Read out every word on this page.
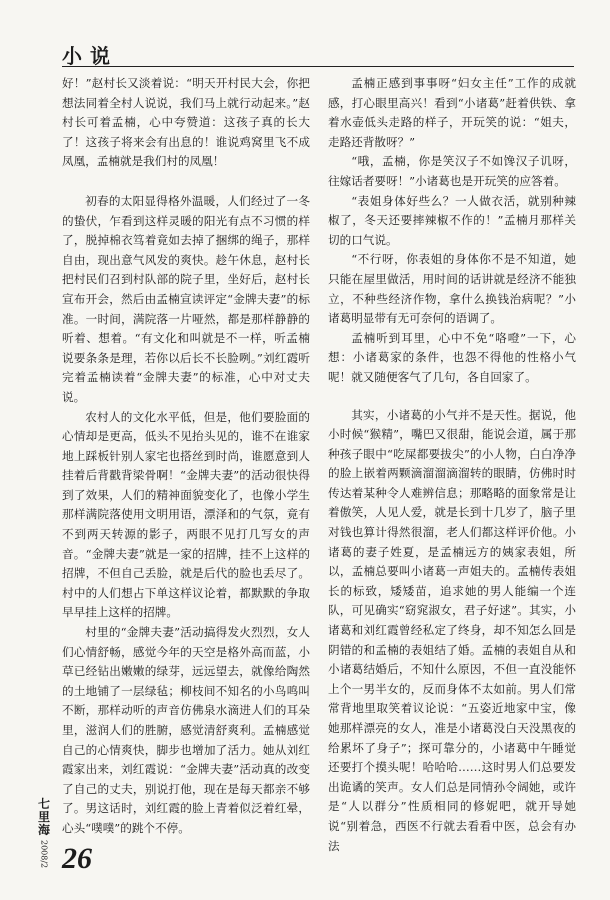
小说

好！”赵村长又淡着说：“明天开村民大会，你把想法同着全村人说说，我们马上就行动起来。”赵村长可着孟楠，心中夸赞道：这孩子真的长大了！这孩子将来会有出息的！谁说鸡窝里飞不成凤凰，孟楠就是我们村的凤凰！

初春的太阳显得格外温暖，人们经过了一冬的蛰伏，乍看到这样灵暖的阳光有点不习惯的样了，脱掉棉衣笃着竟如去掉了捆绑的绳子，那样自由，现出意气风发的爽快。趁午休息，赵村长把村民们召到村队部的院子里，坐好后，赵村长宣布开会，然后由孟楠宣读评定“金牌夫妻”的标准。一时间，满院落一片哑然，都是那样静静的听着、想着。“有文化和叫就是不一样，听孟楠说要条条是理，若你以后长不长脸咧。”刘红霞听完着孟楠读着“金牌夫妻”的标准，心中对丈夫说。

农村人的文化水平低，但是，他们要脸面的心情却是更高，低头不见抬头见的，谁不在谁家地上踩板针别人家宅也搭丝到时尚，谁愿意到人挂着后背戳背梁骨啊！“金牌夫妻”的活动很快得到了效果，人们的精神面貌变化了，也像小学生那样满院落使用文明用语，漂泽和的气氛，竟有不到两天转源的影子，两眼不见打几写女的声音。“金牌夫妻”就是一家的招牌，挂不上这样的招牌，不但自己丢脸，就是后代的脸也丢尽了。村中的人们想占下单这样议论着，都默默的争取早早挂上这样的招牌。

村里的“金牌夫妻”活动搞得发火烈烈，女人们心情舒畅，感觉今年的天空是格外高而蓝，小草已经钻出嫩嫩的绿芽，远远望去，就像给陶然的土地铺了一层绿毡；柳枝间不知名的小鸟鸣叫不断，那样动听的声音仿佛泉水滴进人们的耳朵里，滋润人们的胜腑，感觉清舒爽利。孟楠感觉自己的心情爽快，脚步也增加了活力。她从刘红霞家出来，刘红霞说：“金牌夫妻”活动真的改变了自己的丈夫，别说打他，现在是每天都亲不够了。男这话时，刘红霞的脸上青着似泛着红晕，心头“噗噗”的跳个不停。

孟楠正感到事事呀“妇女主任”工作的成就感，打心眼里高兴！看到“小诸葛”赶着供铁、拿着水壶低头走路的样子，开玩笑的说：“姐夫，走路还背散呀？”

“哦，孟楠，你是笑汉子不如馋汉子讥呀，往嫁话者要呀！”小诸葛也是开玩笑的应答着。

“表姐身体好些么？一人做衣活，就别种辣椒了，冬天还要摔辣椒不作的！”孟楠月那样关切的口气说。

“不行呀，你表姐的身体你不是不知道，她只能在屋里做活，用时间的话讲就是经济不能独立，不种些经济作物，拿什么换钱治病呢？”小诸葛明显带有无可奈何的语调了。

孟楠听到耳里，心中不免“咯噔”一下，心想：小诸葛家的条件，也怨不得他的性格小气呢！就又随便客气了几句，各自回家了。

其实，小诸葛的小气并不是天性。据说，他小时候“猴精”，嘴巴又很甜，能说会道，属于那种孩子眼中“吃屎都要拔尖”的小人物，白白净净的脸上嵌着两颗滴溜溜滴溜转的眼睛，仿佛时时传达着某种令人难辨信息；那略略的面象常是让着傲笑，人见人爱，就是长到十几岁了，脑子里对钱也算计得然很溜，老人们都这样评价他。小诸葛的妻子姓夏，是孟楠远方的姨家表姐，所以，孟楠总要叫小诸葛一声姐夫的。孟楠传表姐长的标致，矮矮苗，追求她的男人能编一个连队，可见确实“窈窕淑女，君子好逑”。其实，小诸葛和刘红霞曾经私定了终身，却不知怎么回是阴错的和孟楠的表姐结了婚。孟楠的表姐自从和小诸葛结婚后，不知什么原因，不但一直没能怀上个一男半女的，反而身体不太如前。男人们常常背地里取笑着议论说：“五姿近地家中宝，像她那样漂亮的女人，准是小诸葛没白天没黑夜的给累坏了身子”；探可靠分的，小诸葛中午睡觉还要打个摸头呢！哈哈哈……这时男人们总要发出诡谲的笑声。女人们总是同情孙令阔她，或许是“人以群分”性质相同的修妮吧，就开导她说“别着急，西医不行就去看看中医，总会有办法

七里海
2008/2 26
